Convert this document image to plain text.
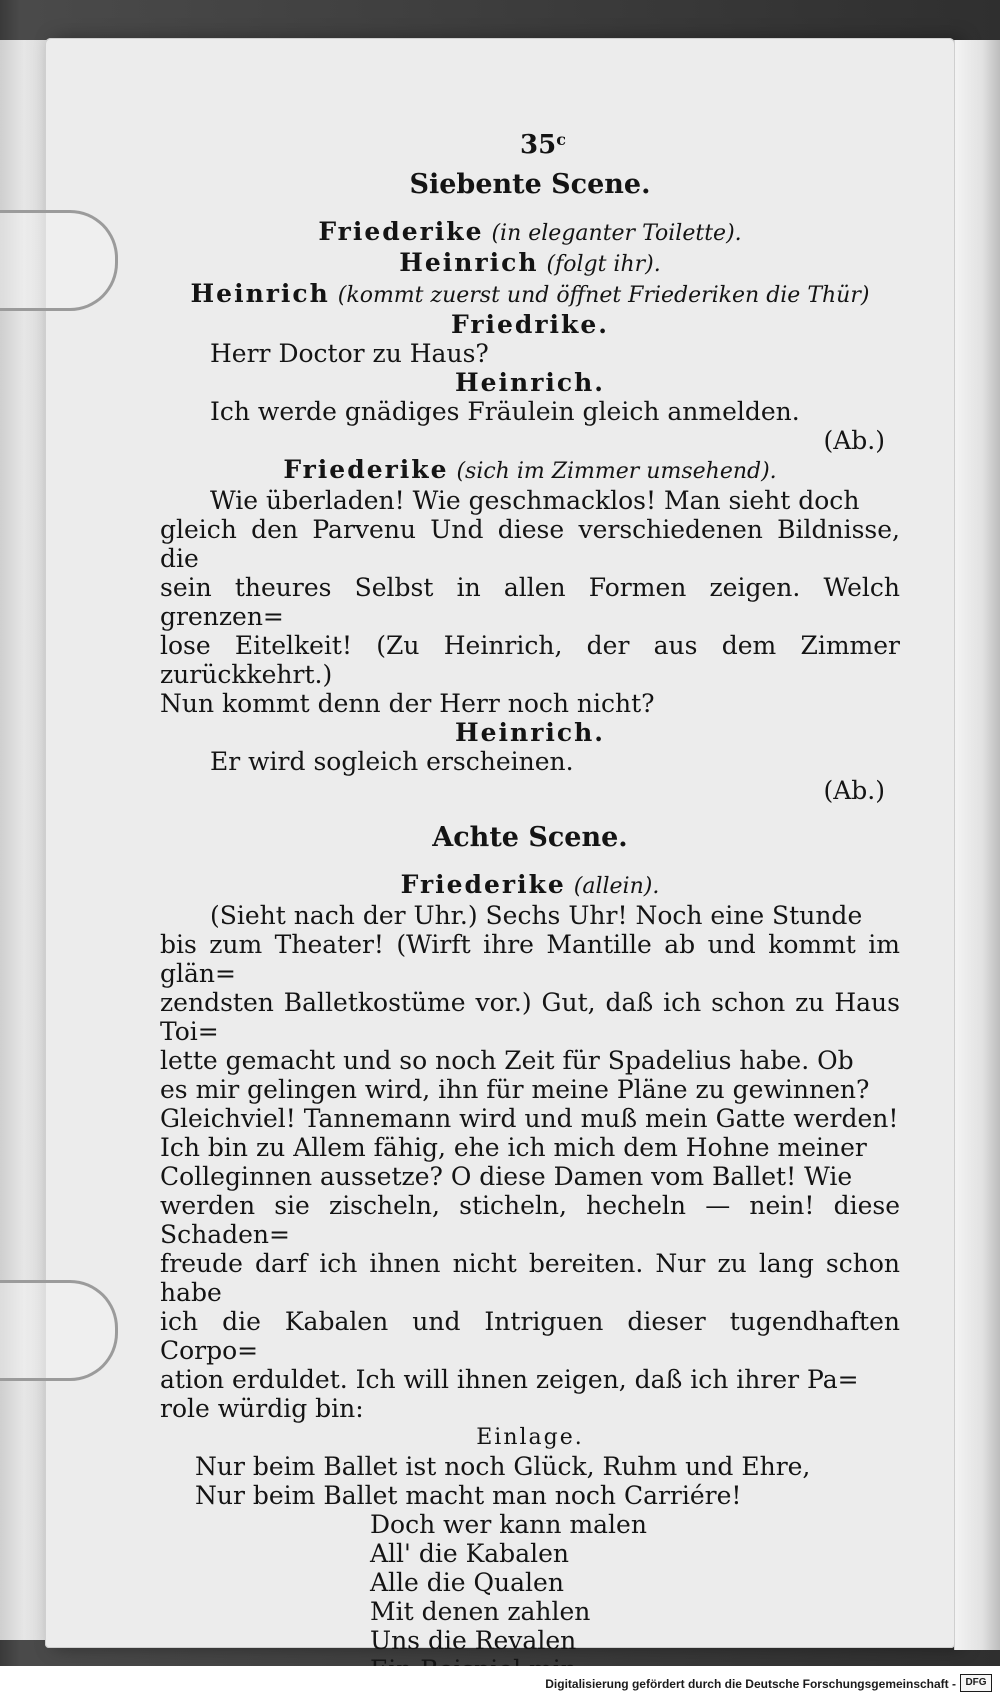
35$^c$

Siebente Scene.

Friederike (in eleganter Toilette).

Heinrich (folgt ihr).

Heinrich (kommt zuerst und öffnet Friederiken die Thür)

Friedrike.

Herr Doctor zu Haus?

Heinrich.

Ich werde gnädiges Fräulein gleich anmelden.

(Ab.)

Friederike (sich im Zimmer umsehend).

Wie überladen! Wie geschmacklos! Man sieht doch

gleich den Parvenu Und diese verschiedenen Bildnisse, die

sein theures Selbst in allen Formen zeigen. Welch grenzen=

lose Eitelkeit! (Zu Heinrich, der aus dem Zimmer zurückkehrt.)

Nun kommt denn der Herr noch nicht?

Heinrich.

Er wird sogleich erscheinen.

(Ab.)

Achte Scene.

Friederike (allein).

(Sieht nach der Uhr.) Sechs Uhr! Noch eine Stunde

bis zum Theater! (Wirft ihre Mantille ab und kommt im glän=

zendsten Balletkostüme vor.) Gut, daß ich schon zu Haus Toi=

lette gemacht und so noch Zeit für Spadelius habe. Ob

es mir gelingen wird, ihn für meine Pläne zu gewinnen?

Gleichviel! Tannemann wird und muß mein Gatte werden!

Ich bin zu Allem fähig, ehe ich mich dem Hohne meiner

Colleginnen aussetze? O diese Damen vom Ballet! Wie

werden sie zischeln, sticheln, hecheln — nein! diese Schaden=

freude darf ich ihnen nicht bereiten. Nur zu lang schon habe

ich die Kabalen und Intriguen dieser tugendhaften Corpo=

ation erduldet. Ich will ihnen zeigen, daß ich ihrer Pa=

role würdig bin:

Einlage.

Nur beim Ballet ist noch Glück, Ruhm und Ehre,

Nur beim Ballet macht man noch Carriére!

Doch wer kann malen

All' die Kabalen

Alle die Qualen

Mit denen zahlen

Uns die Revalen

Digitalisierung gefördert durch die Deutsche Forschungsgemeinschaft - DFG
